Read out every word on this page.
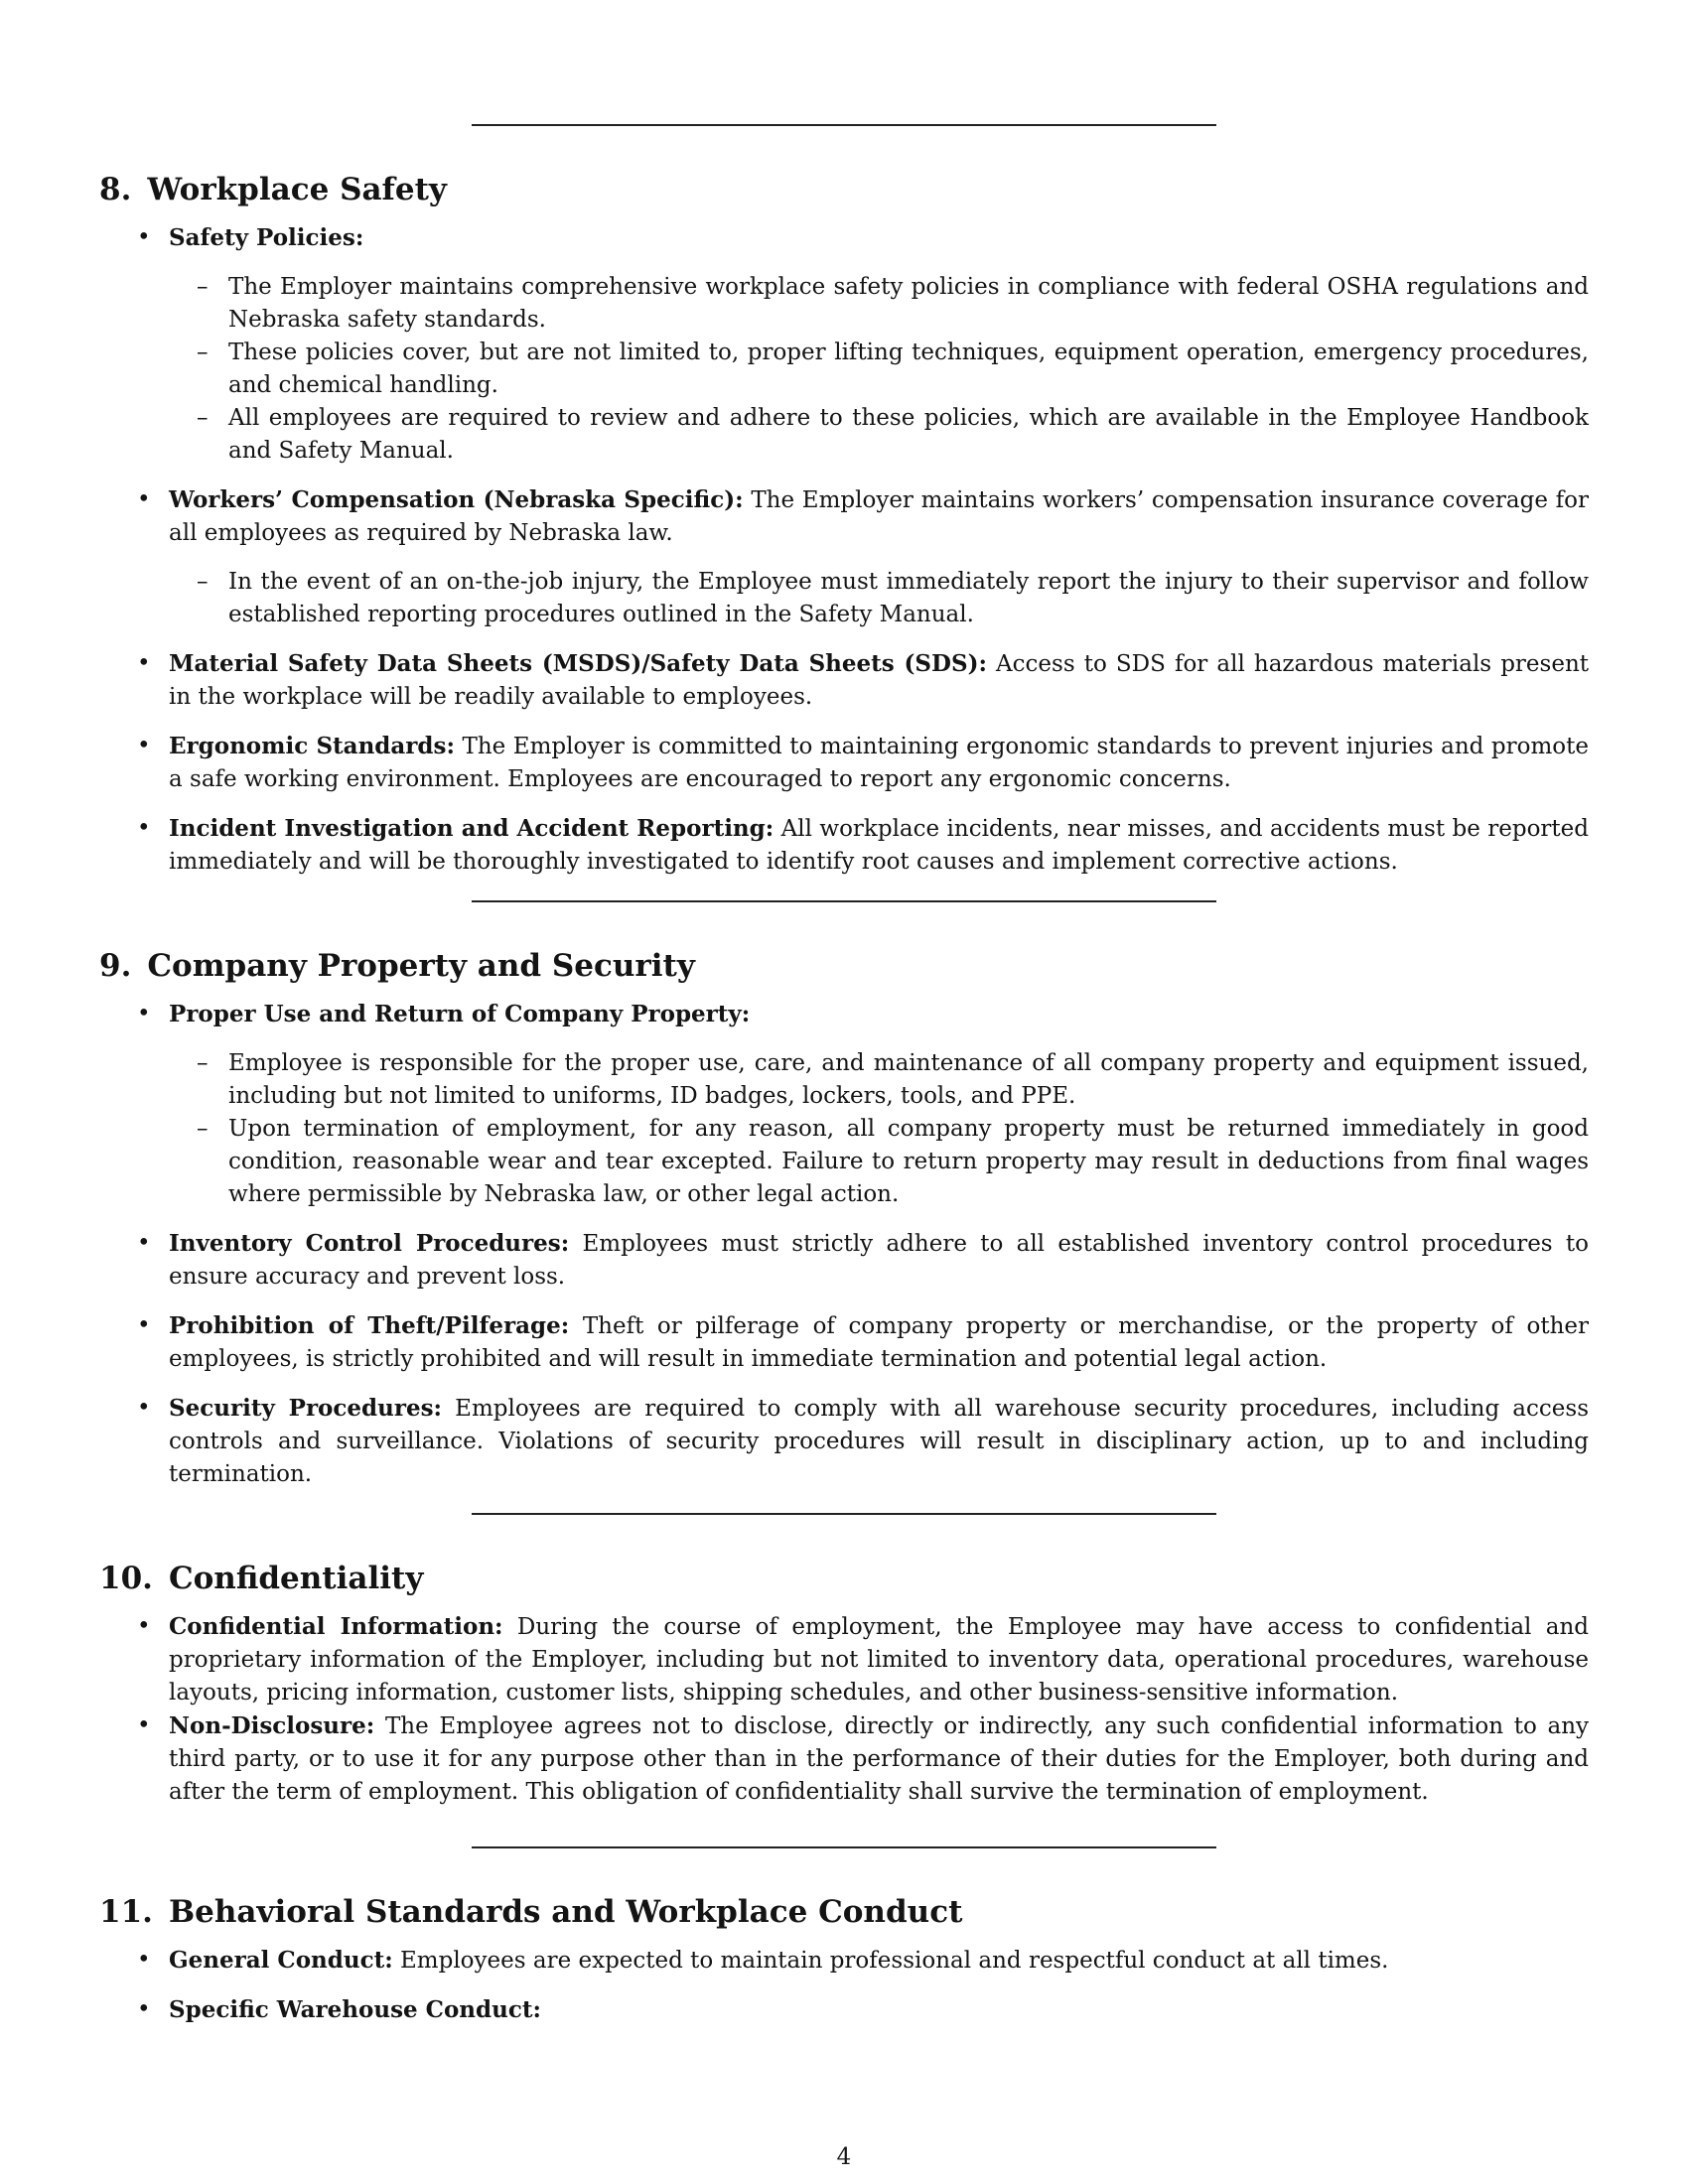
8. Workplace Safety
• Safety Policies:
– The Employer maintains comprehensive workplace safety policies in compliance with federal OSHA regulations and Nebraska safety standards.
– These policies cover, but are not limited to, proper lifting techniques, equipment operation, emergency procedures, and chemical handling.
– All employees are required to review and adhere to these policies, which are available in the Employee Handbook and Safety Manual.
• Workers’ Compensation (Nebraska Specific): The Employer maintains workers’ compensation insurance coverage for all employees as required by Nebraska law.
– In the event of an on-the-job injury, the Employee must immediately report the injury to their supervisor and follow established reporting procedures outlined in the Safety Manual.
• Material Safety Data Sheets (MSDS)/Safety Data Sheets (SDS): Access to SDS for all hazardous materials present in the workplace will be readily available to employees.
• Ergonomic Standards: The Employer is committed to maintaining ergonomic standards to prevent injuries and promote a safe working environment. Employees are encouraged to report any ergonomic concerns.
• Incident Investigation and Accident Reporting: All workplace incidents, near misses, and accidents must be reported immediately and will be thoroughly investigated to identify root causes and implement corrective actions.
9. Company Property and Security
• Proper Use and Return of Company Property:
– Employee is responsible for the proper use, care, and maintenance of all company property and equipment issued, including but not limited to uniforms, ID badges, lockers, tools, and PPE.
– Upon termination of employment, for any reason, all company property must be returned immediately in good condition, reasonable wear and tear excepted. Failure to return property may result in deductions from final wages where permissible by Nebraska law, or other legal action.
• Inventory Control Procedures: Employees must strictly adhere to all established inventory control procedures to ensure accuracy and prevent loss.
• Prohibition of Theft/Pilferage: Theft or pilferage of company property or merchandise, or the property of other employees, is strictly prohibited and will result in immediate termination and potential legal action.
• Security Procedures: Employees are required to comply with all warehouse security procedures, including access controls and surveillance. Violations of security procedures will result in disciplinary action, up to and including termination.
10. Confidentiality
• Confidential Information: During the course of employment, the Employee may have access to confidential and proprietary information of the Employer, including but not limited to inventory data, operational procedures, warehouse layouts, pricing information, customer lists, shipping schedules, and other business-sensitive information.
• Non-Disclosure: The Employee agrees not to disclose, directly or indirectly, any such confidential information to any third party, or to use it for any purpose other than in the performance of their duties for the Employer, both during and after the term of employment. This obligation of confidentiality shall survive the termination of employment.
11. Behavioral Standards and Workplace Conduct
• General Conduct: Employees are expected to maintain professional and respectful conduct at all times.
• Specific Warehouse Conduct:
4
